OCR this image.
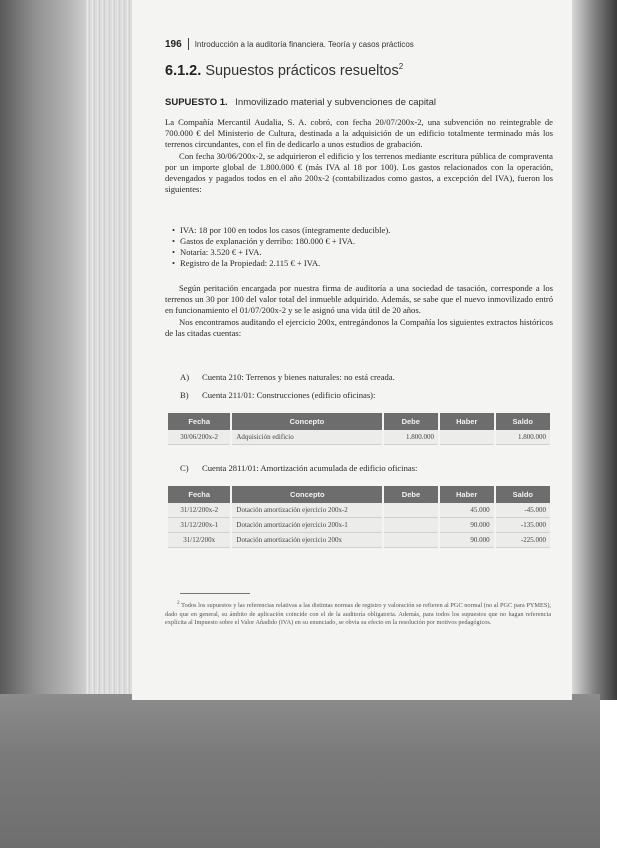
196	Introducción a la auditoría financiera. Teoría y casos prácticos
6.1.2. Supuestos prácticos resueltos$^2$
SUPUESTO 1. Inmovilizado material y subvenciones de capital

La Compañía Mercantil Audalia, S. A. cobró, con fecha 20/07/200x-2, una subvención no reintegrable de 700.000 € del Ministerio de Cultura, destinada a la adquisición de un edificio totalmente terminado más los terrenos circundantes, con el fin de dedicarlo a unos estudios de grabación.

Con fecha 30/06/200x-2, se adquirieron el edificio y los terrenos mediante escritura pública de compraventa por un importe global de 1.800.000 € (más IVA al 18 por 100). Los gastos relacionados con la operación, devengados y pagados todos en el año 200x-2 (contabilizados como gastos, a excepción del IVA), fueron los siguientes:

• IVA: 18 por 100 en todos los casos (íntegramente deducible).
• Gastos de explanación y derribo: 180.000 € + IVA.
• Notaría: 3.520 € + IVA.
• Registro de la Propiedad: 2.115 € + IVA.

Según peritación encargada por nuestra firma de auditoría a una sociedad de tasación, corresponde a los terrenos un 30 por 100 del valor total del inmueble adquirido. Además, se sabe que el nuevo inmovilizado entró en funcionamiento el 01/07/200x-2 y se le asignó una vida útil de 20 años.

Nos encontramos auditando el ejercicio 200x, entregándonos la Compañía los siguientes extractos históricos de las citadas cuentas:

A) Cuenta 210: Terrenos y bienes naturales: no está creada.
B) Cuenta 211/01: Construcciones (edificio oficinas):
Fecha	Concepto	Debe	Haber	Saldo
30/06/200x-2	Adquisición edificio	1.800.000		1.800.000
C) Cuenta 2811/01: Amortización acumulada de edificio oficinas:
Fecha	Concepto	Debe	Haber	Saldo
31/12/200x-2	Dotación amortización ejercicio 200x-2		45.000	-45.000
31/12/200x-1	Dotación amortización ejercicio 200x-1		90.000	-135.000
31/12/200x	Dotación amortización ejercicio 200x		90.000	-225.000

$^2$ Todos los supuestos y las referencias relativas a las distintas normas de registro y valoración se refieren al PGC normal (no al PGC para PYMES), dado que en general, su ámbito de aplicación coincide con el de la auditoría obligatoria. Además, para todos los supuestos que no hagan referencia explícita al Impuesto sobre el Valor Añadido (IVA) en su enunciado, se obvia su efecto en la resolución por motivos pedagógicos.
